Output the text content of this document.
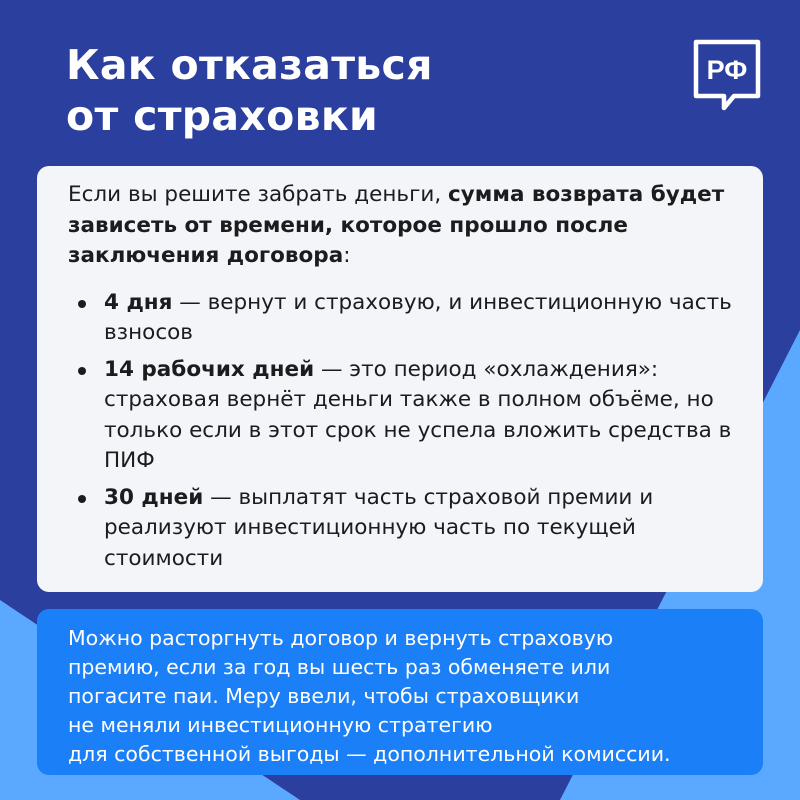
Как отказаться
от страховки
РФ

Если вы решите забрать деньги, сумма возврата будет зависеть от времени, которое прошло после заключения договора:

4 дня — вернут и страховую, и инвестиционную часть взносов
14 рабочих дней — это период «охлаждения»: страховая вернёт деньги также в полном объёме, но только если в этот срок не успела вложить средства в ПИФ
30 дней — выплатят часть страховой премии и реализуют инвестиционную часть по текущей стоимости
Можно расторгнуть договор и вернуть страховую
премию, если за год вы шесть раз обменяете или
погасите паи. Меру ввели, чтобы страховщики
не меняли инвестиционную стратегию
для собственной выгоды — дополнительной комиссии.
